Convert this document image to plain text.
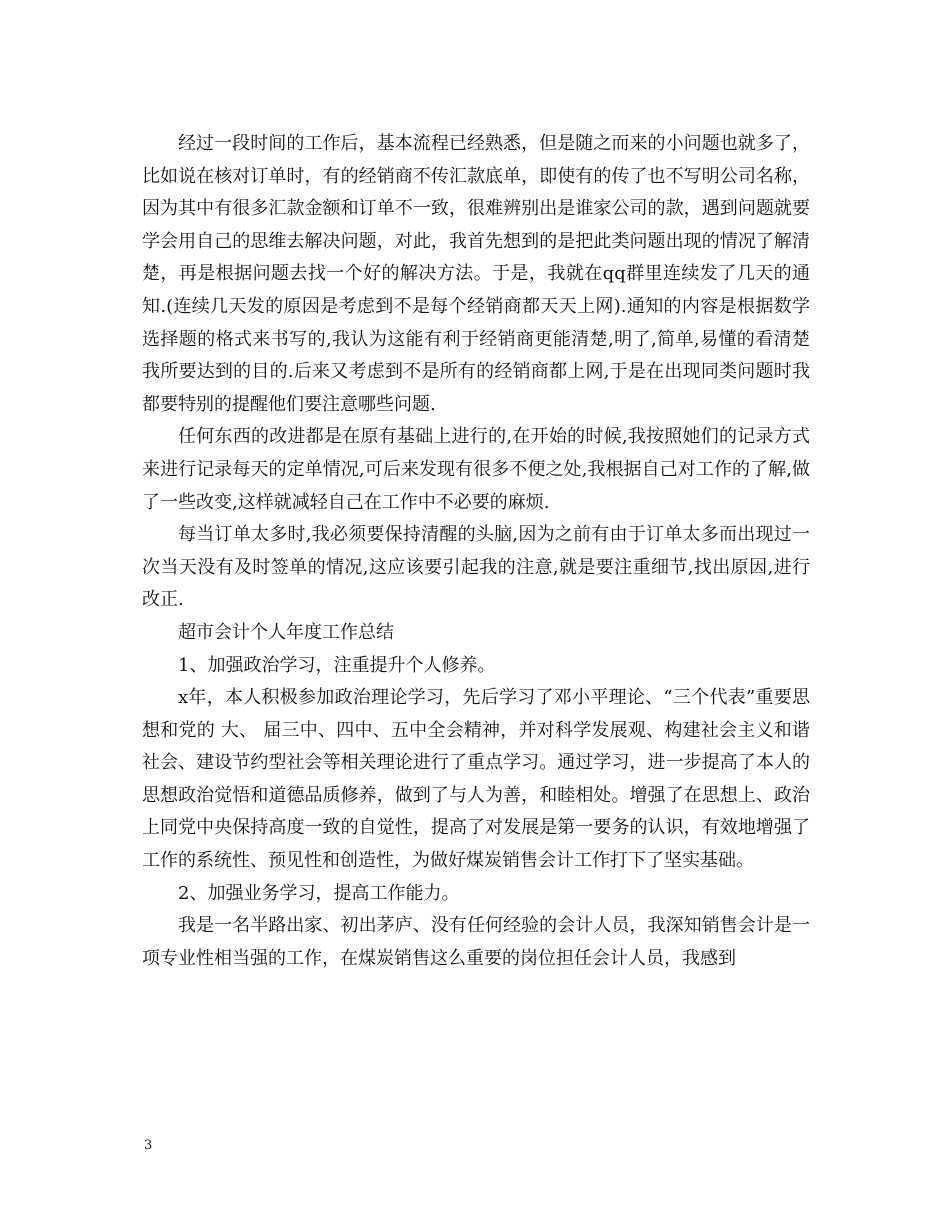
经过一段时间的工作后，基本流程已经熟悉，但是随之而来的小问题也就多了，比如说在核对订单时，有的经销商不传汇款底单，即使有的传了也不写明公司名称，因为其中有很多汇款金额和订单不一致，很难辨别出是谁家公司的款，遇到问题就要学会用自己的思维去解决问题，对此，我首先想到的是把此类问题出现的情况了解清楚，再是根据问题去找一个好的解决方法。于是，我就在qq群里连续发了几天的通知.(连续几天发的原因是考虑到不是每个经销商都天天上网).通知的内容是根据数学选择题的格式来书写的,我认为这能有利于经销商更能清楚,明了,简单,易懂的看清楚我所要达到的目的.后来又考虑到不是所有的经销商都上网,于是在出现同类问题时我都要特别的提醒他们要注意哪些问题.

任何东西的改进都是在原有基础上进行的,在开始的时候,我按照她们的记录方式来进行记录每天的定单情况,可后来发现有很多不便之处,我根据自己对工作的了解,做了一些改变,这样就减轻自己在工作中不必要的麻烦.

每当订单太多时,我必须要保持清醒的头脑,因为之前有由于订单太多而出现过一次当天没有及时签单的情况,这应该要引起我的注意,就是要注重细节,找出原因,进行改正.

超市会计个人年度工作总结

1、加强政治学习，注重提升个人修养。

x年，本人积极参加政治理论学习，先后学习了邓小平理论、“三个代表”重要思想和党的 大、 届三中、四中、五中全会精神，并对科学发展观、构建社会主义和谐社会、建设节约型社会等相关理论进行了重点学习。通过学习，进一步提高了本人的思想政治觉悟和道德品质修养，做到了与人为善，和睦相处。增强了在思想上、政治上同党中央保持高度一致的自觉性，提高了对发展是第一要务的认识，有效地增强了工作的系统性、预见性和创造性，为做好煤炭销售会计工作打下了坚实基础。

2、加强业务学习，提高工作能力。

我是一名半路出家、初出茅庐、没有任何经验的会计人员，我深知销售会计是一项专业性相当强的工作，在煤炭销售这么重要的岗位担任会计人员，我感到

3
